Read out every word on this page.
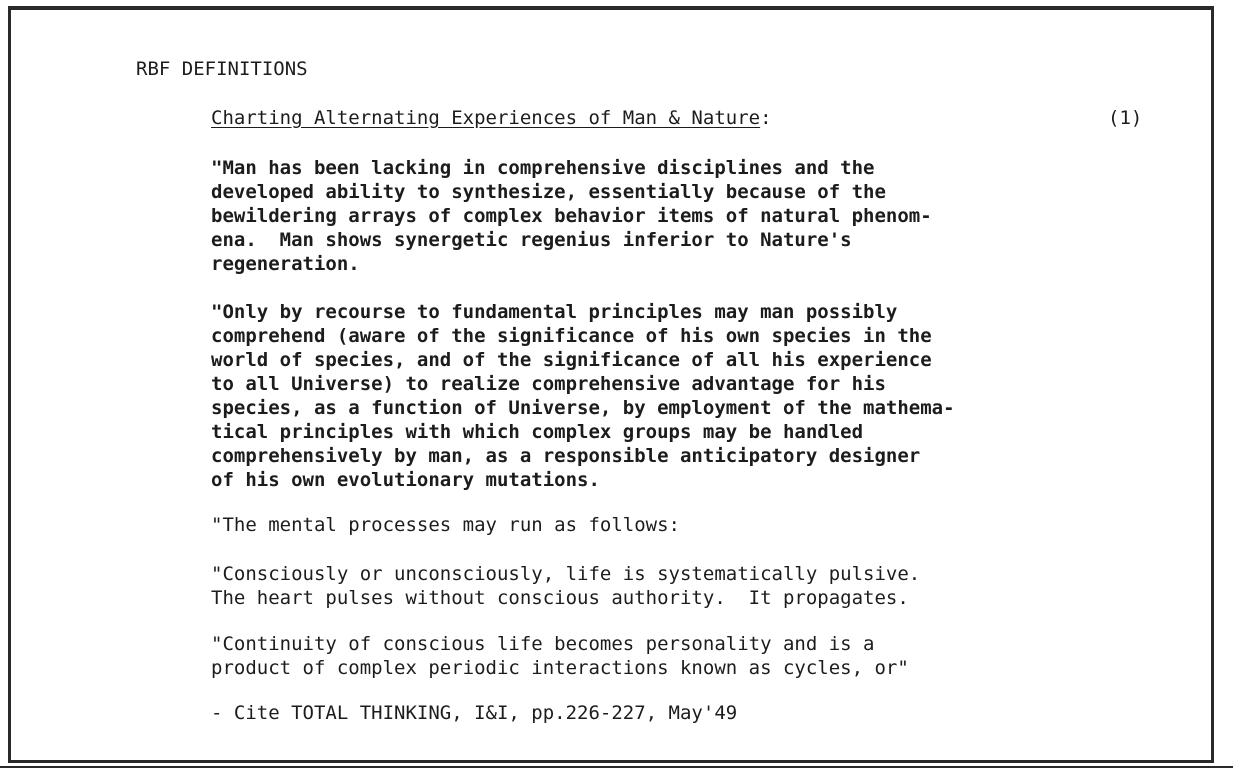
RBF DEFINITIONS
Charting Alternating Experiences of Man & Nature:	(1)

"Man has been lacking in comprehensive disciplines and the
developed ability to synthesize, essentially because of the
bewildering arrays of complex behavior items of natural phenom-
ena.  Man shows synergetic regenius inferior to Nature's
regeneration.

"Only by recourse to fundamental principles may man possibly
comprehend (aware of the significance of his own species in the
world of species, and of the significance of all his experience
to all Universe) to realize comprehensive advantage for his
species, as a function of Universe, by employment of the mathema-
tical principles with which complex groups may be handled
comprehensively by man, as a responsible anticipatory designer
of his own evolutionary mutations.

"The mental processes may run as follows:

"Consciously or unconsciously, life is systematically pulsive.
The heart pulses without conscious authority.  It propagates.

"Continuity of conscious life becomes personality and is a
product of complex periodic interactions known as cycles, or"

- Cite TOTAL THINKING, I&I, pp.226-227, May'49
